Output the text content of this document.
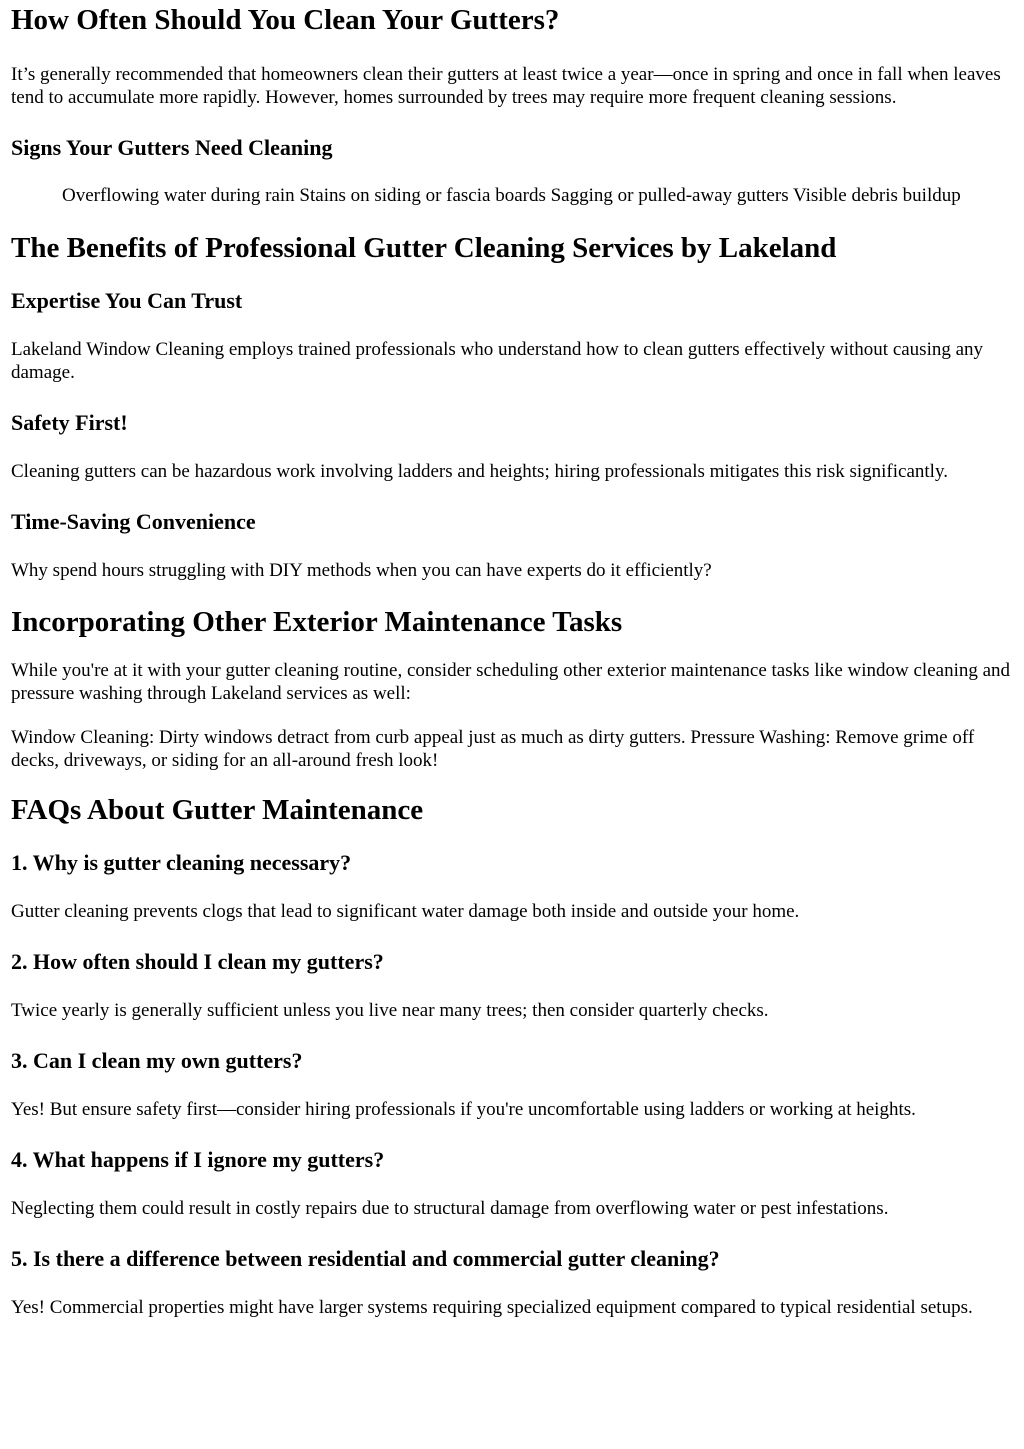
How Often Should You Clean Your Gutters?

It’s generally recommended that homeowners clean their gutters at least twice a year—once in spring and once in fall when leaves tend to accumulate more rapidly. However, homes surrounded by trees may require more frequent cleaning sessions.

Signs Your Gutters Need Cleaning
Overflowing water during rain Stains on siding or fascia boards Sagging or pulled-away gutters Visible debris buildup
The Benefits of Professional Gutter Cleaning Services by Lakeland
Expertise You Can Trust

Lakeland Window Cleaning employs trained professionals who understand how to clean gutters effectively without causing any damage.

Safety First!

Cleaning gutters can be hazardous work involving ladders and heights; hiring professionals mitigates this risk significantly.

Time-Saving Convenience

Why spend hours struggling with DIY methods when you can have experts do it efficiently?

Incorporating Other Exterior Maintenance Tasks

While you're at it with your gutter cleaning routine, consider scheduling other exterior maintenance tasks like window cleaning and pressure washing through Lakeland services as well:

Window Cleaning: Dirty windows detract from curb appeal just as much as dirty gutters. Pressure Washing: Remove grime off decks, driveways, or siding for an all-around fresh look!

FAQs About Gutter Maintenance
1. Why is gutter cleaning necessary?

Gutter cleaning prevents clogs that lead to significant water damage both inside and outside your home.

2. How often should I clean my gutters?

Twice yearly is generally sufficient unless you live near many trees; then consider quarterly checks.

3. Can I clean my own gutters?

Yes! But ensure safety first—consider hiring professionals if you're uncomfortable using ladders or working at heights.

4. What happens if I ignore my gutters?

Neglecting them could result in costly repairs due to structural damage from overflowing water or pest infestations.

5. Is there a difference between residential and commercial gutter cleaning?

Yes! Commercial properties might have larger systems requiring specialized equipment compared to typical residential setups.
